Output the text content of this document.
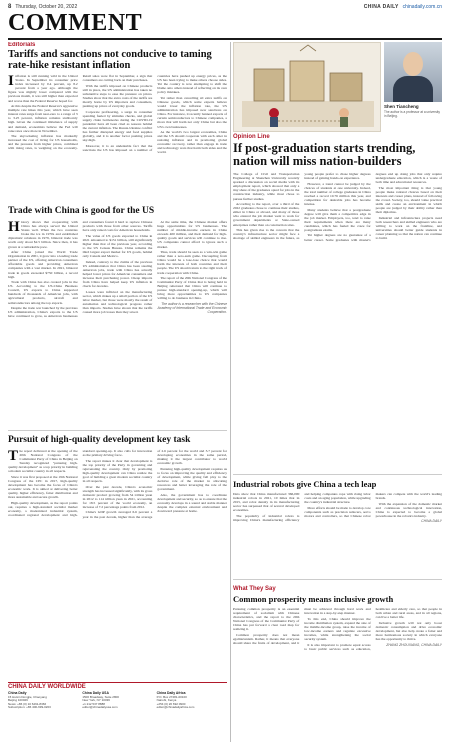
8 Thursday, October 20, 2022	CHINA DAILY chinadaily.com.cn
COMMENT
Editorials
Tariffs and sanctions not conducive to taming rate-hike resistant inflation

Inflation is still running wild in the United States. In September its consumer price index increased by 0.4 percent, up 8.2 percent from a year ago. Although the figure was slightly lower compared with the previous month, it was still higher than expected and worse than the Federal Reserve hoped for.

At this despite the Federal Reserve's aggressive multiple rate hikes this year, which have seen interest rates surge from near-zero to a range of 3 to 3.25 percent, inflation remains stubbornly high. Given the continued imbalance of supply and demand, economists believe the Fed will raise rates once more in November.

The skyrocketing inflation has markedly increased the cost of living for US households, and the pressure from higher prices, combined with rising rates, is weighing on the economy. Retail sales were flat in September, a sign that consumers are cutting back on their purchases.

With the tariffs imposed on Chinese products still in place, the US administration has taken no substantive steps to ease the pressure on prices. Studies show that the extra costs of the tariffs are mostly borne by US importers and consumers, pushing up prices of everyday goods.

Corporate profiteering, a surge in consumer spending fueled by stimulus checks, and global supply chain bottlenecks during the COVID-19 pandemic have all been cited as reasons behind the current inflation. The Russia-Ukraine conflict has further disrupted energy and food supplies globally, and it is another factor pushing prices sky-high.

Moreover, it is an undeniable fact that the sanctions the US has imposed on a number of countries have pushed up energy prices, as the US has been trying to make others choose sides. Yet the country is now attempting to shift the blame onto others instead of reflecting on its own policy mistakes.

Yet rather than cancelling all extra tariffs on Chinese goods, which some experts believe would lower the inflation rate, the US administration has imposed new sanctions on China. For instance, it recently banned exports of certain semiconductors to Chinese companies, a move that will harm not only China but also the US's own businesses.

As the world's two largest economies, China and the US should cooperate with each other in resisting inflation and in promoting global economic recovery, rather than engage in trade and technology wars that harm both sides and the world.

Trade with China is good for the US

History shows that cooperating with China has always served the United States well. When the two countries broke the ice in 1970s and established diplomatic relations in 1979, bilateral trade was worth only about $2.5 billion. Since then, it has grown at a remarkable pace.

After China joined the World Trade Organization in 2001, it grew into a leading trade partner of the US, offering American consumers affordable goods and providing American companies with a vast market. In 2021, bilateral trade in goods exceeded $750 billion, a record high.

Trade with China has also created jobs in the US. According to the US-China Business Council, US exports to China supported hundreds of thousands of American jobs, with agricultural products, aircraft and semiconductors among the top exports.

Despite the trade war launched by the previous US administration, China's exports to the US have continued to grow, as American businesses and consumers found it hard to replace Chinese products with those from other sources. Tariffs have only raised costs for American households.

The value of US goods exported to China in 2021 amounted to $151 billion, still significantly higher than that of the previous year, according to the US Census Bureau. China remains the third largest export market for US goods, behind only Canada and Mexico.

Indeed, contrary to the claims of the previous US administration that China has been stealing American jobs, trade with China has actually helped lower prices for American consumers and increase their purchasing power. Cheap imports from China have helped keep US inflation in check for decades.

Losses were inflicted on the manufacturing sector, which makes up a small portion of the US labor market, but those were mostly the result of automation and technological progress rather than imports. Studies have shown that the tariffs caused more job losses than they saved.

At the same time, the Chinese market offers huge opportunities for US businesses. The number of middle-income earners in China exceeds 400 million, and their demand for high-quality goods and services will continue to rise. US companies cannot afford to ignore such a market.

Thus, trade should be seen as a win-win game rather than a zero-sum game. Decoupling from China would be a lose-lose choice that would harm the interests of both countries and their people. The US should return to the right track of trade cooperation with China.

The report of the 20th National Congress of the Communist Party of China that is being held in Beijing reiterated that China will continue to pursue high-standard opening-up, which will bring more opportunities to US companies willing to do business in China.

The author is a researcher with the Chinese Academy of International Trade and Economic Cooperation.
Pursuit of high-quality development key task

The report delivered at the opening of the 20th National Congress of the Communist Party of China in Beijing on Sunday recognized "pursuing high-quality development" as a top priority in building a modern socialist country in all respects.

Since it was first proposed at the 19th National Congress of the CPC in 2017, high-quality development has become the focus of China's economic work. It is aimed at delivering better quality, higher efficiency, fairer distribution and more sustainable and secure growth.

High-quality development, as the report points out, requires a high-standard socialist market economy, a modernized industrial system, coordinated regional development and high-standard opening-up. It also calls for innovation as the primary driving force.

The report makes it clear that development is the top priority of the Party in governing and rejuvenating the country. Only by promoting high-quality development can China realize the goal of building a great modern socialist country in all respects.

Over the past decade, China's economic strength has increased significantly, with its gross domestic product growing from 54 trillion yuan in 2012 to 114 trillion yuan in 2021, accounting for 18.5 percent of the world economy, an increase of 7.2 percentage points from 2012.

China's GDP growth averaged 6.6 percent a year in the past decade, higher than the average of 2.6 percent for the world and 3.7 percent for developing economies in the same period, making it the largest contributor to world economic growth.

Pursuing high-quality development requires us to focus on improving the quality and efficiency of development, while giving full play to the decisive role of the market in allocating resources and better leveraging the role of the government.

Also, the government has to coordinate development and security, so as to ensure that the economy develops in a sound and stable manner despite the complex external environment and downward pressure at home.

CHINA DAILY WORLDWIDE
China Daily
15 Huixin Dongjie, Chaoyang
Beijing 100029
News: +86 (0) 10 6491-8366
Subscription: +86 400-699-0203
China Daily USA
1500 Broadway, Suite 2800
New York, NY 10036
+1 212 537 8888
editor@chinadailyusa.com
China Daily Africa
P.O. Box 27281-00100
Nairobi, Kenya
+254 (0) 20 692 0900
editor@chinadailyafrica.com
Shen Tiancheng
The author is a professor at a university in Beijing.
Opinion Line
If post-graduation starts trending, nation will miss nation-builders

The College of Civil and Transportation Engineering at Shenzhen University recently sparked a discussion on social media with its employment report, which showed that only a tiny share of the graduates opted for jobs in the construction industry, while most chose to pursue further studies.

According to the report, over a third of the 2022 graduates chose to continue their studies, either in China or abroad, and many of those who entered the job market went to work for government departments or State-owned enterprises rather than on construction sites.

This has given rise to the concern that the country's infrastructure sector might face a shortage of skilled engineers in the future, as young people prefer to chase higher degrees instead of gaining hands-on experience.

However, a trend cannot be judged by the choices of students at one university. Indeed, the total number of college graduates in China reached a record 10.76 million this year, and competition for desirable jobs has become intense.

Many students believe that a postgraduate degree will give them a competitive edge in the job market. Employers, too, tend to raise their requirements when there are many candidates, which has fueled the craze for postgraduate exams.

Yet higher degrees are no guarantee of a better career. Some graduates with master's degrees end up doing jobs that only require undergraduate education, which is a waste of both time and educational resources.

The most important thing is that young people make rational choices based on their interests and career plans, instead of following the crowd. Society, too, should value practical skills and create an environment in which people are judged by their ability rather than their diplomas.

Industrial and infrastructure projects need both researchers and skilled engineers who are willing to work on the frontline, and universities should better guide students in career planning so that the nation can continue to build.

Industrial robots give China a tech leap

Data show that China manufactured 366,000 industrial robots in 2021, 10 times that in 2015, and robot density in its manufacturing sector has surpassed that of several developed economies.

The popularity of industrial robots is improving China's manufacturing efficiency and helping companies cope with rising labor costs and an aging population, while upgrading the country's industrial structure.

More efforts should be made to develop core components such as precision reducers, servo motors and controllers, so that Chinese robot makers can compete with the world's leading brands.

With the expansion of the domestic market and continuous technological innovation, China is expected to become a global powerhouse in the robotics industry.

CHINA DAILY
What They Say
Common prosperity means inclusive growth

Pursuing common prosperity is an essential requirement of socialism with Chinese characteristics, and the report to the 20th National Congress of the Communist Party of China has put forward a clear road map for realizing it.

Common prosperity does not mean egalitarianism. Rather, it means that everyone should share the fruits of development, and it must be achieved through hard work and innovation in a step-by-step manner.

To this end, China should improve the income distribution system, expand the size of the middle-income group, raise the income of low-income earners and regulate excessive incomes, while strengthening the social security system.

It is also important to promote equal access to basic public services such as education, healthcare and elderly care, so that people in both urban and rural areas, and in all regions, can live a better life.

Inclusive growth will not only boost domestic consumption and drive economic development, but also help create a fairer and more harmonious society in which everyone has the opportunity to thrive.

ZHANG ZHOUXIANG, CHINA DAILY
